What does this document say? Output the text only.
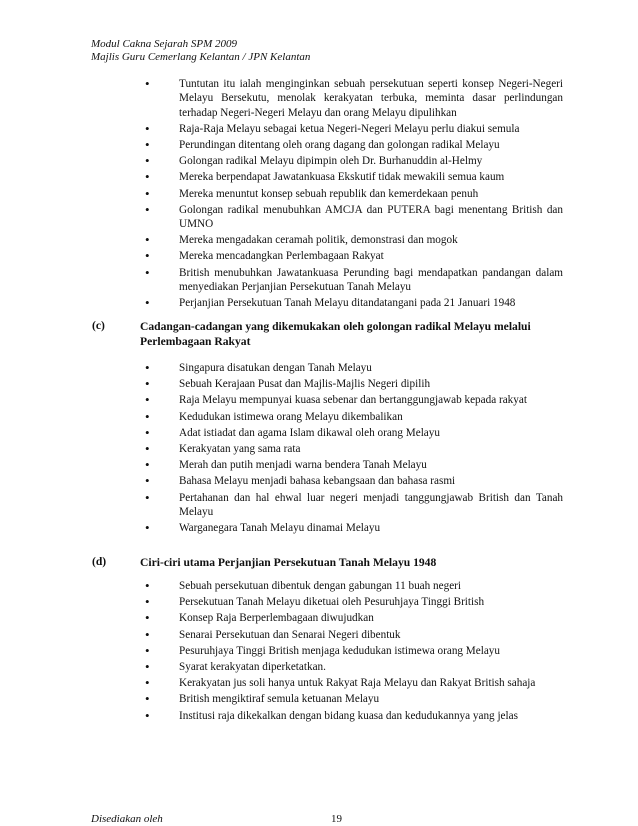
Modul Cakna Sejarah SPM 2009
Majlis Guru Cemerlang Kelantan / JPN Kelantan
•	Tuntutan itu ialah menginginkan sebuah persekutuan seperti konsep Negeri-Negeri Melayu Bersekutu, menolak kerakyatan terbuka, meminta dasar perlindungan terhadap Negeri-Negeri Melayu dan orang Melayu dipulihkan
•	Raja-Raja Melayu sebagai ketua Negeri-Negeri Melayu perlu diakui semula
•	Perundingan ditentang oleh orang dagang dan golongan radikal Melayu
•	Golongan radikal Melayu dipimpin oleh Dr. Burhanuddin al-Helmy
•	Mereka berpendapat Jawatankuasa Ekskutif tidak mewakili semua kaum
•	Mereka menuntut konsep sebuah republik dan kemerdekaan penuh
•	Golongan radikal menubuhkan AMCJA dan PUTERA bagi menentang British dan UMNO
•	Mereka mengadakan ceramah politik, demonstrasi dan mogok
•	Mereka mencadangkan Perlembagaan Rakyat
•	British menubuhkan Jawatankuasa Perunding bagi mendapatkan pandangan dalam menyediakan Perjanjian Persekutuan Tanah Melayu
•	Perjanjian Persekutuan Tanah Melayu ditandatangani pada 21 Januari 1948
(c)	Cadangan-cadangan yang dikemukakan oleh golongan radikal Melayu melalui Perlembagaan Rakyat
•	Singapura disatukan dengan Tanah Melayu
•	Sebuah Kerajaan Pusat dan Majlis-Majlis Negeri dipilih
•	Raja Melayu mempunyai kuasa sebenar dan bertanggungjawab kepada rakyat
•	Kedudukan istimewa orang Melayu dikembalikan
•	Adat istiadat dan agama Islam dikawal oleh orang Melayu
•	Kerakyatan yang sama rata
•	Merah dan putih menjadi warna bendera Tanah Melayu
•	Bahasa Melayu menjadi bahasa kebangsaan dan bahasa rasmi
•	Pertahanan dan hal ehwal luar negeri menjadi tanggungjawab British dan Tanah Melayu
•	Warganegara Tanah Melayu dinamai Melayu
(d)	Ciri-ciri utama Perjanjian Persekutuan Tanah Melayu 1948
•	Sebuah persekutuan dibentuk dengan gabungan 11 buah negeri
•	Persekutuan Tanah Melayu diketuai oleh Pesuruhjaya Tinggi British
•	Konsep Raja Berperlembagaan diwujudkan
•	Senarai Persekutuan dan Senarai Negeri dibentuk
•	Pesuruhjaya Tinggi British menjaga kedudukan istimewa orang Melayu
•	Syarat kerakyatan diperketatkan.
•	Kerakyatan jus soli hanya untuk Rakyat Raja Melayu dan Rakyat British sahaja
•	British mengiktiraf semula ketuanan Melayu
•	Institusi raja dikekalkan dengan bidang kuasa dan kedudukannya yang jelas
Disediakan oleh	19
